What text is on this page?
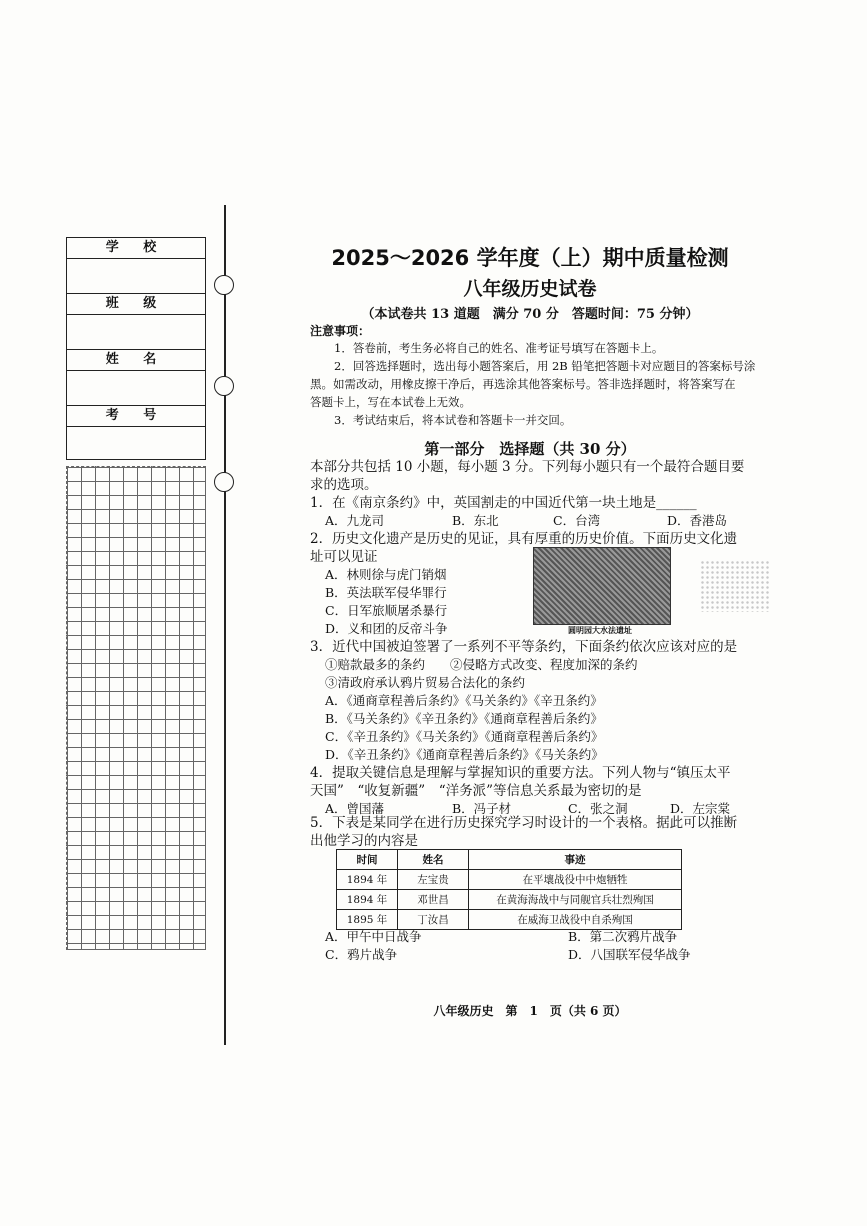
学 校
班 级
姓 名
考 号
2025～2026 学年度（上）期中质量检测
八年级历史试卷
（本试卷共 13 道题　满分 70 分　答题时间：75 分钟）
注意事项：
1．答卷前，考生务必将自己的姓名、准考证号填写在答题卡上。
2．回答选择题时，选出每小题答案后，用 2B 铅笔把答题卡对应题目的答案标号涂
黑。如需改动，用橡皮擦干净后，再选涂其他答案标号。答非选择题时，将答案写在
答题卡上，写在本试卷上无效。
3．考试结束后，将本试卷和答题卡一并交回。
第一部分　选择题（共 30 分）
本部分共包括 10 小题，每小题 3 分。下列每小题只有一个最符合题目要
求的选项。
1．在《南京条约》中，英国割走的中国近代第一块土地是______
A．九龙司	B．东北	C．台湾	D．香港岛
2．历史文化遗产是历史的见证，具有厚重的历史价值。下面历史文化遗
址可以见证
A．林则徐与虎门销烟
B．英法联军侵华罪行
C．日军旅顺屠杀暴行
D．义和团的反帝斗争	圆明园大水法遗址
3．近代中国被迫签署了一系列不平等条约，下面条约依次应该对应的是
①赔款最多的条约　　②侵略方式改变、程度加深的条约
③清政府承认鸦片贸易合法化的条约
A．《通商章程善后条约》《马关条约》《辛丑条约》
B．《马关条约》《辛丑条约》《通商章程善后条约》
C．《辛丑条约》《马关条约》《通商章程善后条约》
D．《辛丑条约》《通商章程善后条约》《马关条约》
4．提取关键信息是理解与掌握知识的重要方法。下列人物与“镇压太平
天国”　“收复新疆”　“洋务派”等信息关系最为密切的是
A．曾国藩	B．冯子材	C．张之洞	D．左宗棠
5．下表是某同学在进行历史探究学习时设计的一个表格。据此可以推断
出他学习的内容是
时间	姓名	事迹
1894 年	左宝贵	在平壤战役中中炮牺牲
1894 年	邓世昌	在黄海海战中与同舰官兵壮烈殉国
1895 年	丁汝昌	在威海卫战役中自杀殉国
A．甲午中日战争	B．第二次鸦片战争
C．鸦片战争	D．八国联军侵华战争
八年级历史　第　1　页（共 6 页）
